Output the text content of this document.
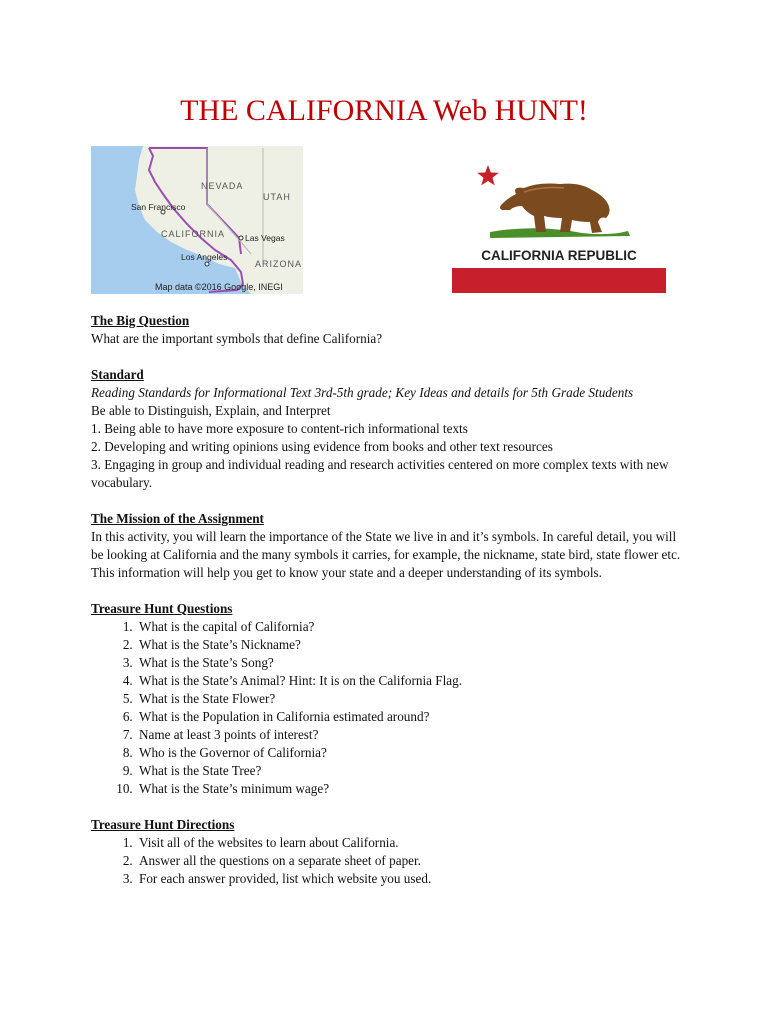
THE CALIFORNIA Web HUNT!
NEVADA
UTAH
San Francisco
CALIFORNIA Las Vegas
Los Angeles
ARIZONA
Map data ©2016 Google, INEGI
CALIFORNIA REPUBLIC
The Big Question
What are the important symbols that define California?
Standard
Reading Standards for Informational Text 3rd-5th grade; Key Ideas and details for 5th Grade Students
Be able to Distinguish, Explain, and Interpret
1. Being able to have more exposure to content-rich informational texts
2. Developing and writing opinions using evidence from books and other text resources
3. Engaging in group and individual reading and research activities centered on more complex texts with new vocabulary.
The Mission of the Assignment
In this activity, you will learn the importance of the State we live in and it’s symbols. In careful detail, you will be looking at California and the many symbols it carries, for example, the nickname, state bird, state flower etc. This information will help you get to know your state and a deeper understanding of its symbols.
Treasure Hunt Questions
1. What is the capital of California?
2. What is the State’s Nickname?
3. What is the State’s Song?
4. What is the State’s Animal? Hint: It is on the California Flag.
5. What is the State Flower?
6. What is the Population in California estimated around?
7. Name at least 3 points of interest?
8. Who is the Governor of California?
9. What is the State Tree?
10. What is the State’s minimum wage?
Treasure Hunt Directions
1. Visit all of the websites to learn about California.
2. Answer all the questions on a separate sheet of paper.
3. For each answer provided, list which website you used.
